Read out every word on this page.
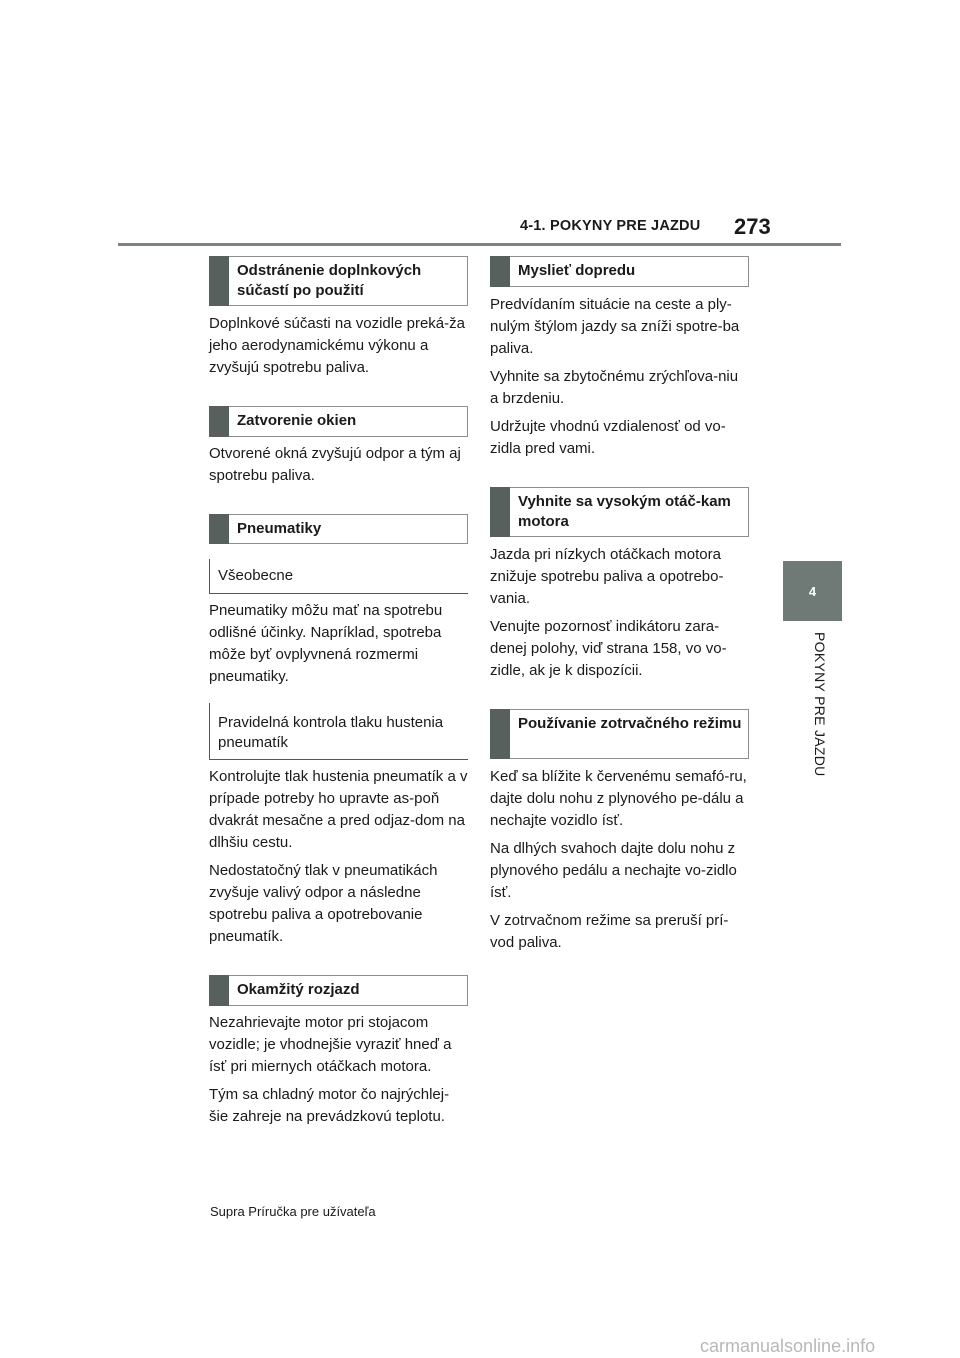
4-1. POKYNY PRE JAZDU 273
4
POKYNY PRE JAZDU
Odstránenie doplnkových súčastí po použití

Doplnkové súčasti na vozidle preká-ža jeho aerodynamickému výkonu a zvyšujú spotrebu paliva.

Zatvorenie okien

Otvorené okná zvyšujú odpor a tým aj spotrebu paliva.

Pneumatiky
Všeobecne

Pneumatiky môžu mať na spotrebu odlišné účinky. Napríklad, spotreba môže byť ovplyvnená rozmermi pneumatiky.

Pravidelná kontrola tlaku hustenia pneumatík

Kontrolujte tlak hustenia pneumatík a v prípade potreby ho upravte as-poň dvakrát mesačne a pred odjaz-dom na dlhšiu cestu.

Nedostatočný tlak v pneumatikách zvyšuje valivý odpor a následne spotrebu paliva a opotrebovanie pneumatík.

Okamžitý rozjazd

Nezahrievajte motor pri stojacom vozidle; je vhodnejšie vyraziť hneď a ísť pri miernych otáčkach motora.

Tým sa chladný motor čo najrýchlej-šie zahreje na prevádzkovú teplotu.

Myslieť dopredu

Predvídaním situácie na ceste a ply-nulým štýlom jazdy sa zníži spotre-ba paliva.

Vyhnite sa zbytočnému zrýchľova-niu a brzdeniu.

Udržujte vhodnú vzdialenosť od vo-zidla pred vami.

Vyhnite sa vysokým otáč-kam motora

Jazda pri nízkych otáčkach motora znižuje spotrebu paliva a opotrebo-vania.

Venujte pozornosť indikátoru zara-denej polohy, viď strana 158, vo vo-zidle, ak je k dispozícii.

Používanie zotrvačného režimu

Keď sa blížite k červenému semafó-ru, dajte dolu nohu z plynového pe-dálu a nechajte vozidlo ísť.

Na dlhých svahoch dajte dolu nohu z plynového pedálu a nechajte vo-zidlo ísť.

V zotrvačnom režime sa preruší prí-vod paliva.

Supra Príručka pre užívateľa
carmanualsonline.info
